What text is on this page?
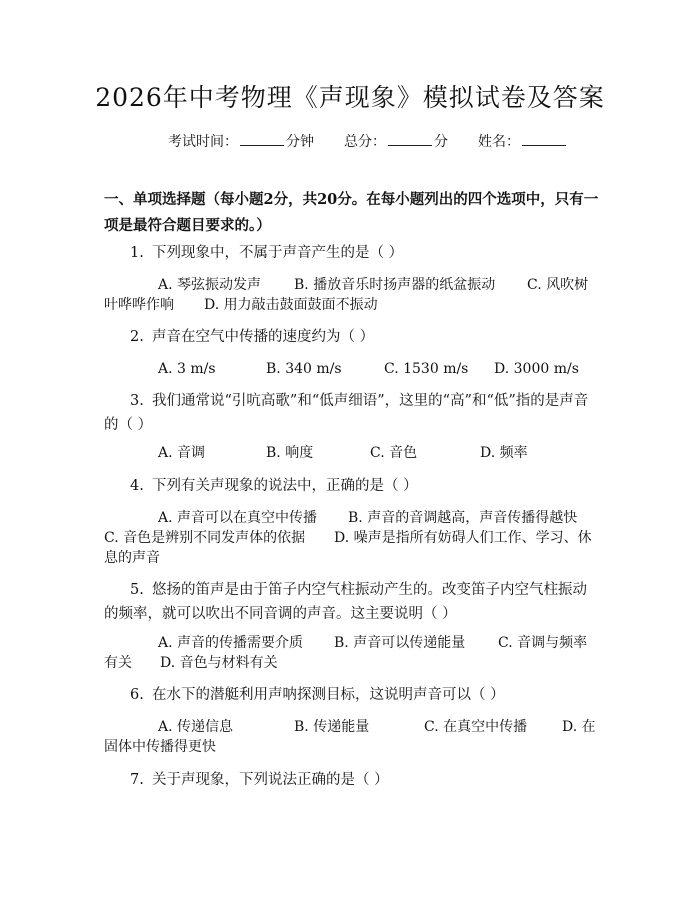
2026年中考物理《声现象》模拟试卷及答案
考试时间：	分钟 总分：	分 姓名：
一、单项选择题（每小题2分，共20分。在每小题列出的四个选项中，只有一项是最符合题目要求的。）
1. 下列现象中，不属于声音产生的是（ ）
A. 琴弦振动发声 B. 播放音乐时扬声器的纸盆振动 C. 风吹树
叶哗哗作响 D. 用力敲击鼓面鼓面不振动
2. 声音在空气中传播的速度约为（ ）
A. 3 m/s	B. 340 m/s	C. 1530 m/s D. 3000 m/s
3. 我们通常说“引吭高歌”和“低声细语”，这里的“高”和“低”指的是声音的（ ）
A. 音调	B. 响度	C. 音色	D. 频率
4. 下列有关声现象的说法中，正确的是（ ）
A. 声音可以在真空中传播 B. 声音的音调越高，声音传播得越快
C. 音色是辨别不同发声体的依据 D. 噪声是指所有妨碍人们工作、学习、休
息的声音
5. 悠扬的笛声是由于笛子内空气柱振动产生的。改变笛子内空气柱振动的频率，就可以吹出不同音调的声音。这主要说明（ ）
A. 声音的传播需要介质 B. 声音可以传递能量 C. 音调与频率
有关 D. 音色与材料有关
6. 在水下的潜艇利用声呐探测目标，这说明声音可以（ ）
A. 传递信息	B. 传递能量	C. 在真空中传播 D. 在
固体中传播得更快
7. 关于声现象，下列说法正确的是（ ）
